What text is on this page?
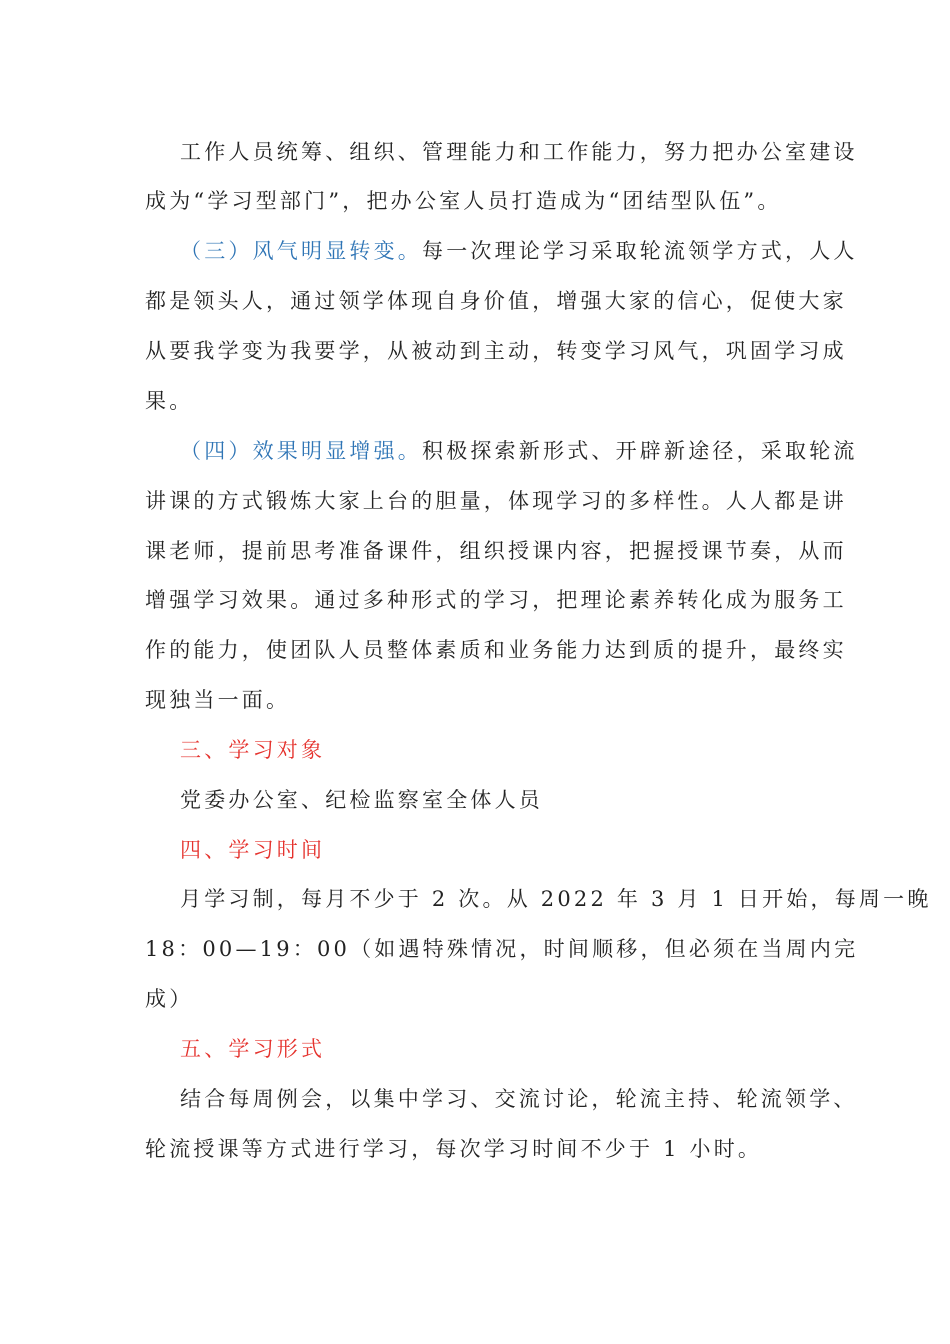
工作人员统筹、组织、管理能力和工作能力，努力把办公室建设
成为“学习型部门”，把办公室人员打造成为“团结型队伍”。
（三）风气明显转变。每一次理论学习采取轮流领学方式，人人
都是领头人，通过领学体现自身价值，增强大家的信心，促使大家
从要我学变为我要学，从被动到主动，转变学习风气，巩固学习成
果。
（四）效果明显增强。积极探索新形式、开辟新途径，采取轮流
讲课的方式锻炼大家上台的胆量，体现学习的多样性。人人都是讲
课老师，提前思考准备课件，组织授课内容，把握授课节奏，从而
增强学习效果。通过多种形式的学习，把理论素养转化成为服务工
作的能力，使团队人员整体素质和业务能力达到质的提升，最终实
现独当一面。
三、学习对象
党委办公室、纪检监察室全体人员
四、学习时间
月学习制，每月不少于 2 次。从 2022 年 3 月 1 日开始，每周一晚
18：00—19：00（如遇特殊情况，时间顺移，但必须在当周内完
成）
五、学习形式
结合每周例会，以集中学习、交流讨论，轮流主持、轮流领学、
轮流授课等方式进行学习，每次学习时间不少于 1 小时。
